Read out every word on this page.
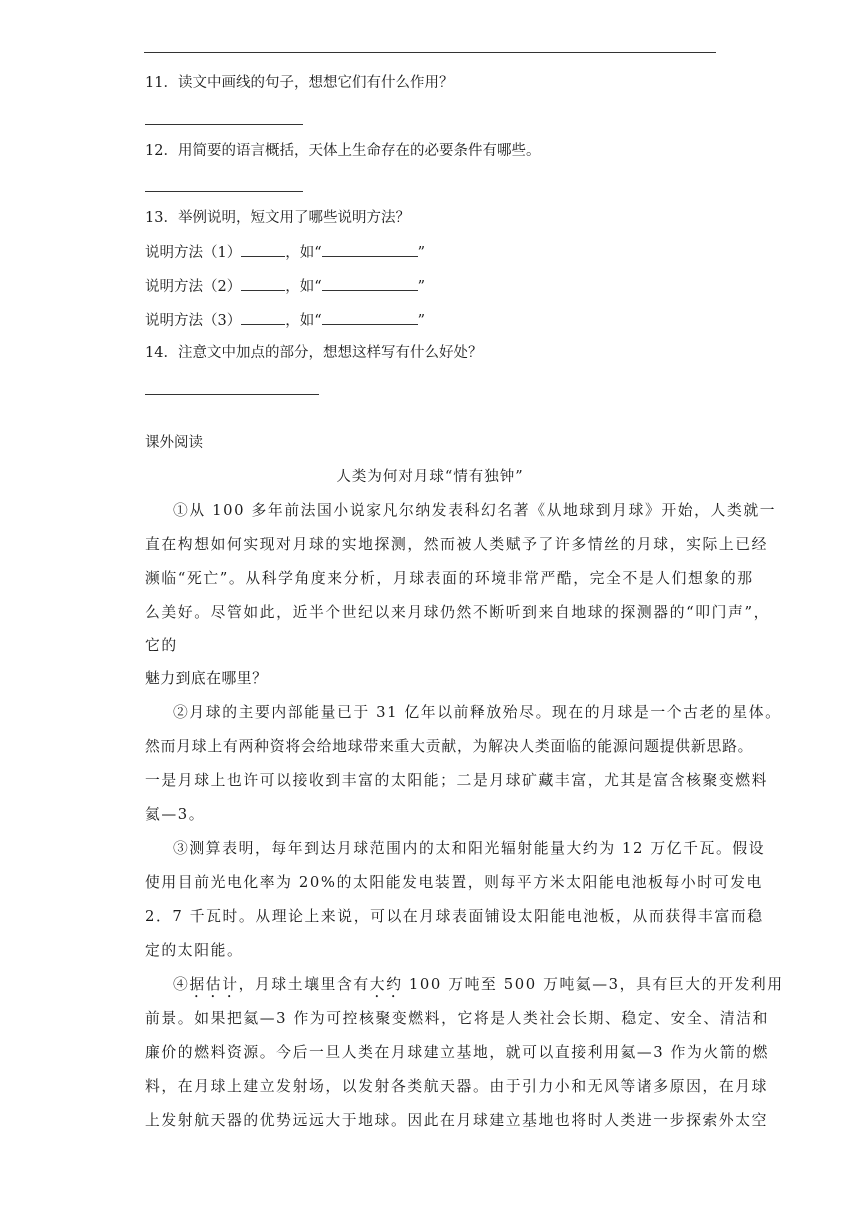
11．读文中画线的句子，想想它们有什么作用？
12．用简要的语言概括，天体上生命存在的必要条件有哪些。
13．举例说明，短文用了哪些说明方法？
说明方法（1）	，如“	”
说明方法（2）	，如“	”
说明方法（3）	，如“	”
14．注意文中加点的部分，想想这样写有什么好处？
课外阅读
人类为何对月球“情有独钟”
①从 100 多年前法国小说家凡尔纳发表科幻名著《从地球到月球》开始，人类就一
直在构想如何实现对月球的实地探测，然而被人类赋予了许多情丝的月球，实际上已经
濒临“死亡”。从科学角度来分析，月球表面的环境非常严酷，完全不是人们想象的那
么美好。尽管如此，近半个世纪以来月球仍然不断听到来自地球的探测器的“叩门声”，
它的
魅力到底在哪里？
②月球的主要内部能量已于 31 亿年以前释放殆尽。现在的月球是一个古老的星体。
然而月球上有两种资将会给地球带来重大贡献，为解决人类面临的能源问题提供新思路。
一是月球上也许可以接收到丰富的太阳能；二是月球矿藏丰富，尤其是富含核聚变燃料
氦—3。
③测算表明，每年到达月球范围内的太和阳光辐射能量大约为 12 万亿千瓦。假设
使用目前光电化率为 20%的太阳能发电装置，则每平方米太阳能电池板每小时可发电
2．7 千瓦时。从理论上来说，可以在月球表面铺设太阳能电池板，从而获得丰富而稳
定的太阳能。
④据估计，月球土壤里含有大约 100 万吨至 500 万吨氦—3，具有巨大的开发利用
前景。如果把氦—3 作为可控核聚变燃料，它将是人类社会长期、稳定、安全、清洁和
廉价的燃料资源。今后一旦人类在月球建立基地，就可以直接利用氦—3 作为火箭的燃
料，在月球上建立发射场，以发射各类航天器。由于引力小和无风等诸多原因，在月球
上发射航天器的优势远远大于地球。因此在月球建立基地也将时人类进一步探索外太空
